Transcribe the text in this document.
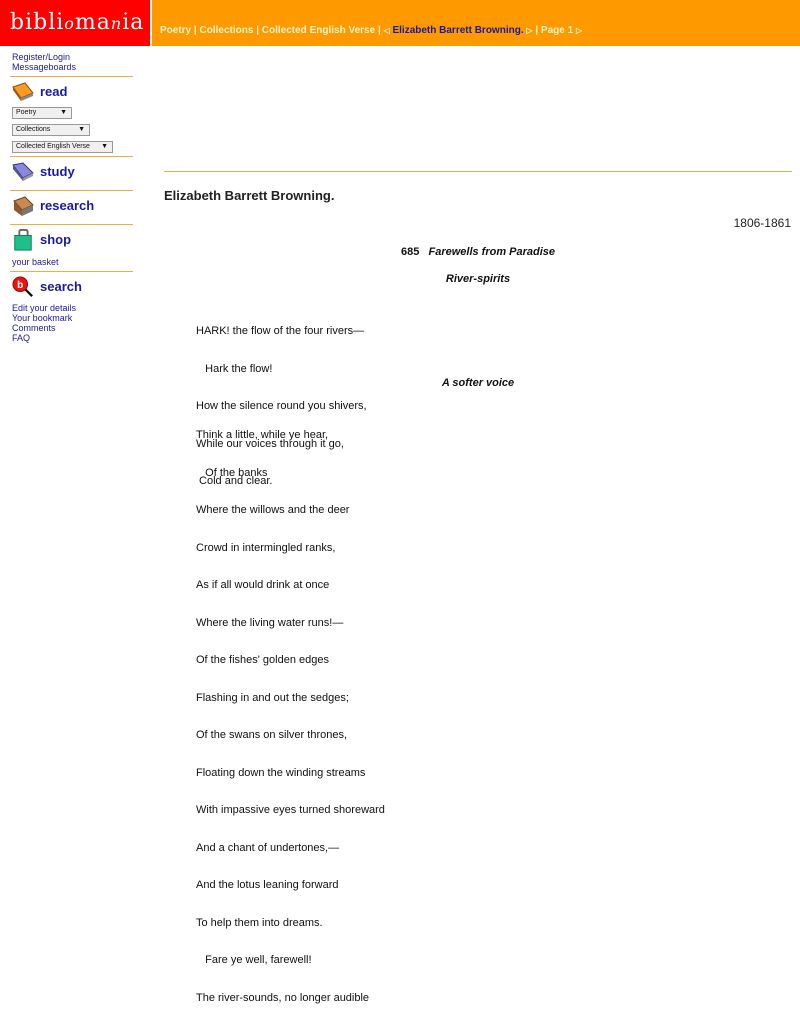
bibliomania	Poetry | Collections | Collected English Verse | ◁ Elizabeth Barrett Browning. ▷ | Page 1 ▷
Register/Login
Messageboards
read
Poetry	▼
Collections	▼
Collected English Verse ▼
study
research
shop
your basket
b search
Edit your details
Your bookmark
Comments
FAQ
Elizabeth Barrett Browning.
1806-1861
685 Farewells from Paradise
River-spirits

HARK! the flow of the four rivers—

Hark the flow!

How the silence round you shivers,

While our voices through it go,

Cold and clear.

A softer voice

Think a little, while ye hear,

Of the banks

Where the willows and the deer

Crowd in intermingled ranks,

As if all would drink at once

Where the living water runs!—

Of the fishes' golden edges

Flashing in and out the sedges;

Of the swans on silver thrones,

Floating down the winding streams

With impassive eyes turned shoreward

And a chant of undertones,—

And the lotus leaning forward

To help them into dreams.

Fare ye well, farewell!

The river-sounds, no longer audible
